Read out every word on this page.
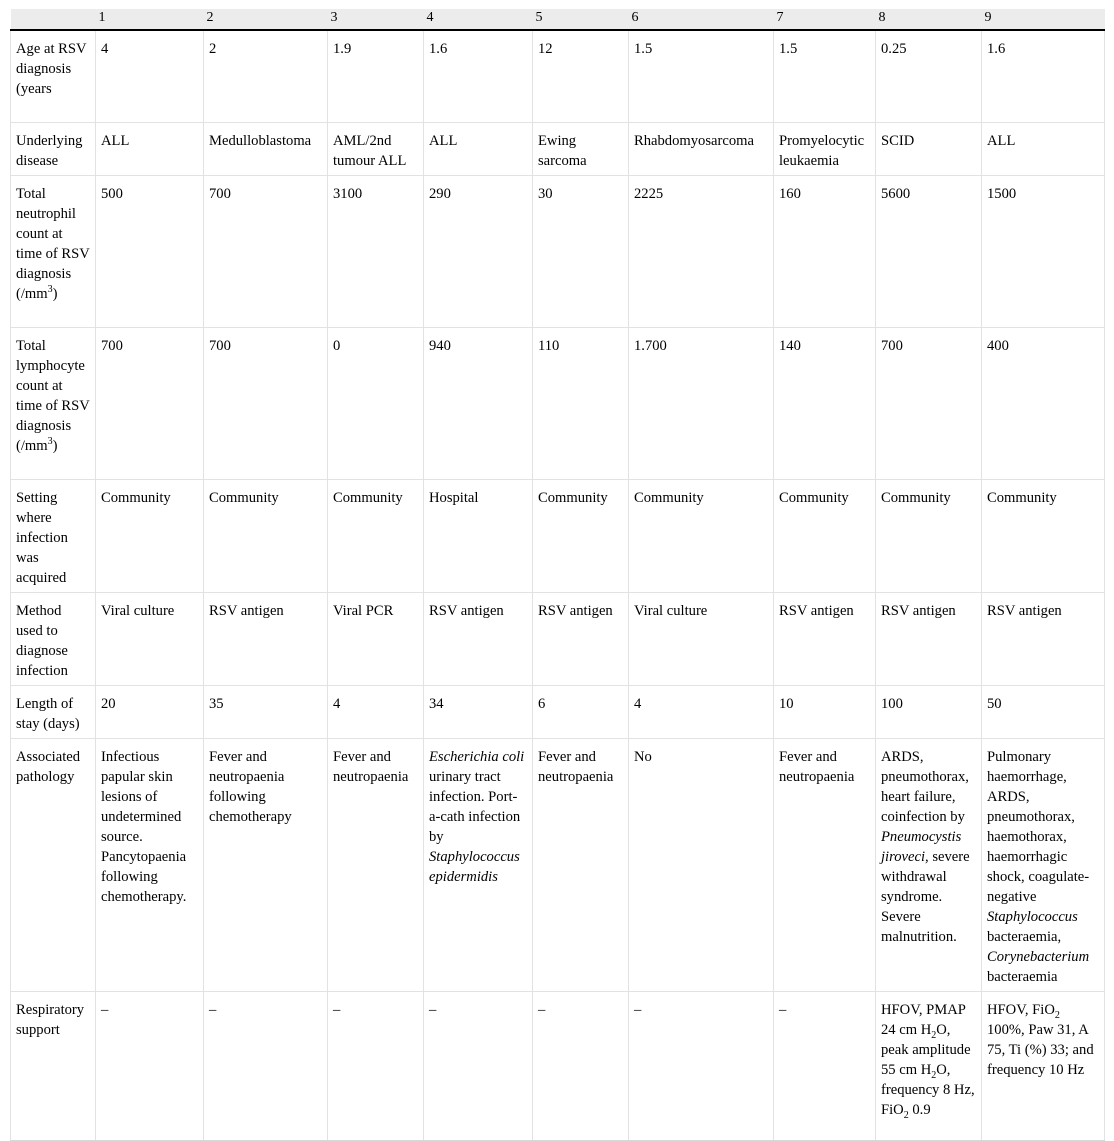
	1	2	3	4	5	6	7	8	9
Age at RSV diagnosis (years	4	2	1.9	1.6	12	1.5	1.5	0.25	1.6
Underlying disease	ALL	Medulloblastoma	AML/2nd tumour ALL	ALL	Ewing sarcoma	Rhabdomyosarcoma	Promyelocytic leukaemia	SCID	ALL
Total neutrophil count at time of RSV diagnosis $(/mm^3)$	500	700	3100	290	30	2225	160	5600	1500
Total lymphocyte count at time of RSV diagnosis $(/mm^3)$	700	700	0	940	110	1.700	140	700	400
Setting where infection was acquired	Community	Community	Community	Hospital	Community	Community	Community	Community	Community
Method used to diagnose infection	Viral culture	RSV antigen	Viral PCR	RSV antigen	RSV antigen	Viral culture	RSV antigen	RSV antigen	RSV antigen
Length of stay (days)	20	35	4	34	6	4	10	100	50
Associated pathology	Infectious papular skin lesions of undetermined source. Pancytopaenia following chemotherapy.	Fever and neutropaenia following chemotherapy	Fever and neutropaenia	Escherichia coli urinary tract infection. Port-a-cath infection by Staphylococcus epidermidis	Fever and neutropaenia	No	Fever and neutropaenia	ARDS, pneumothorax, heart failure, coinfection by Pneumocystis jiroveci, severe withdrawal syndrome. Severe malnutrition.	Pulmonary haemorrhage, ARDS, pneumothorax, haemothorax, haemorrhagic shock, coagulate-negative Staphylococcus bacteraemia, Corynebacterium bacteraemia
Respiratory support	–	–	–	–	–	–	–	HFOV, PMAP 24 cm $H_2O$, peak amplitude 55 cm $H_2O$, frequency 8 Hz, FiO$_2$ 0.9	HFOV, FiO$_2$ 100%, Paw 31, A 75, Ti (%) 33; and frequency 10 Hz
